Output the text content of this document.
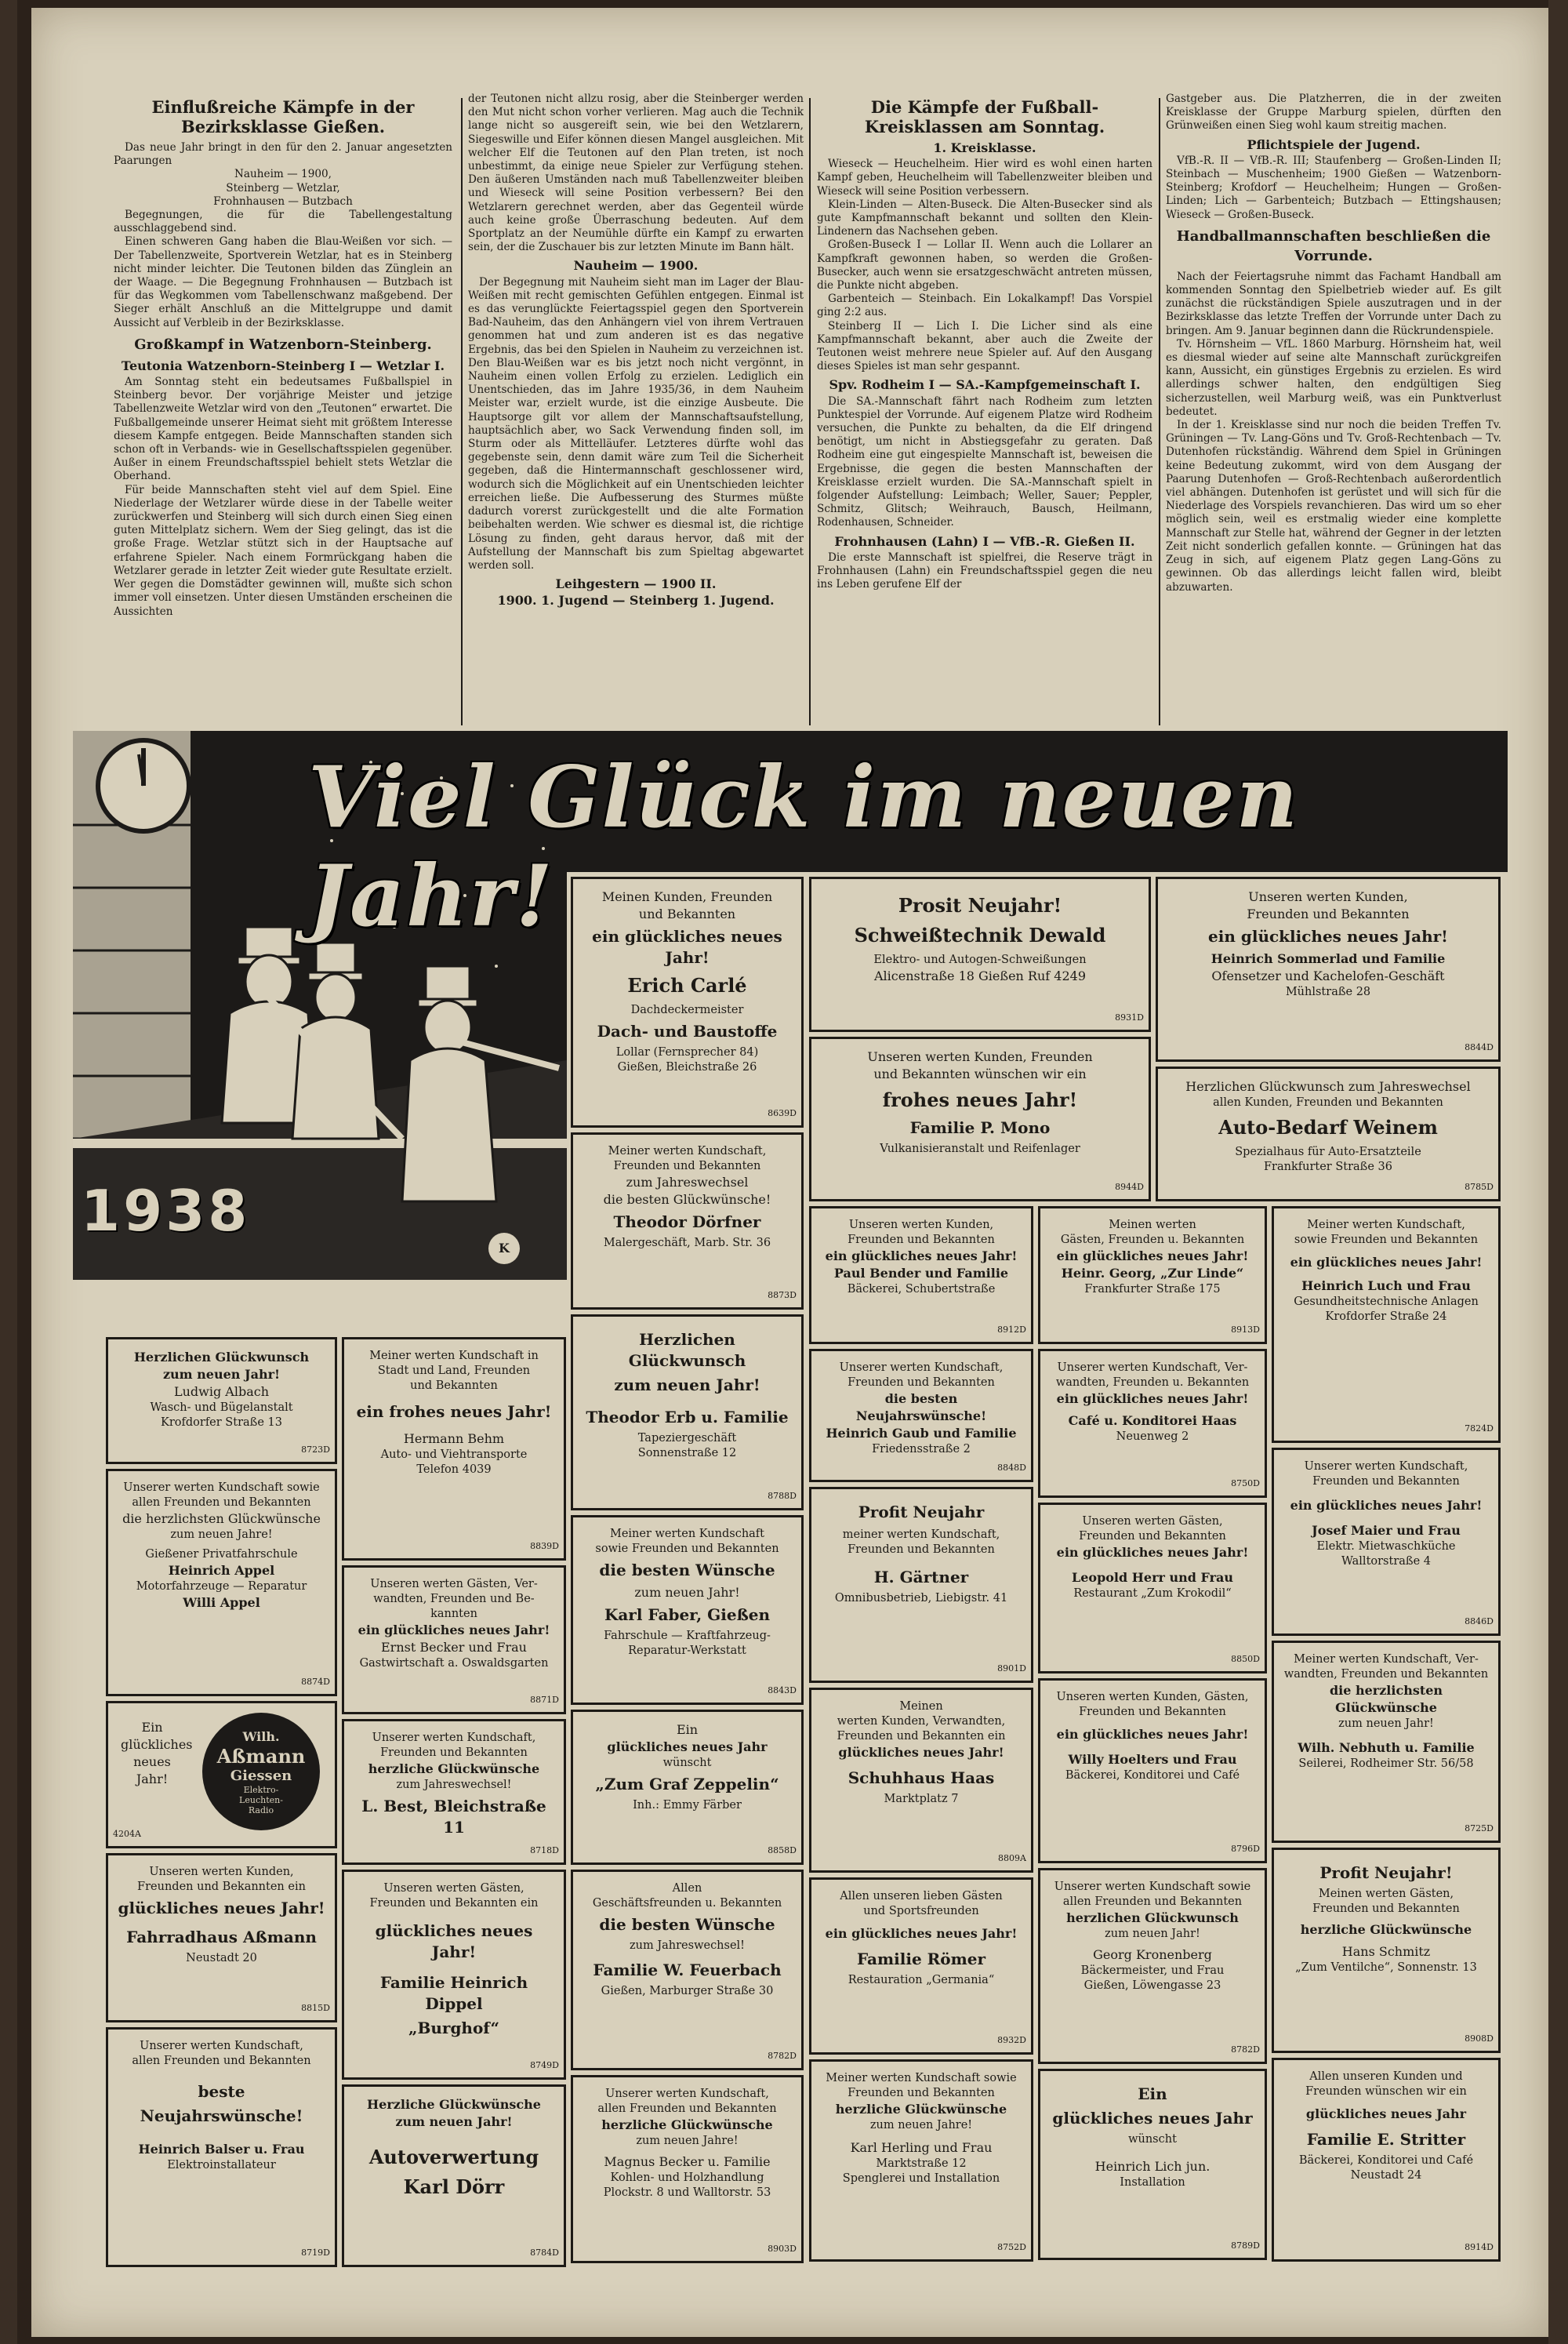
Einflußreiche Kämpfe in der Bezirksklasse Gießen.

Das neue Jahr bringt in den für den 2. Januar angesetzten Paarungen

Nauheim — 1900,

Steinberg — Wetzlar,

Frohnhausen — Butzbach

Begegnungen, die für die Tabellengestaltung ausschlaggebend sind.

Einen schweren Gang haben die Blau-Weißen vor sich. — Der Tabellenzweite, Sportverein Wetzlar, hat es in Steinberg nicht minder leichter. Die Teutonen bilden das Zünglein an der Waage. — Die Begegnung Frohnhausen — Butzbach ist für das Wegkommen vom Tabellenschwanz maßgebend. Der Sieger erhält Anschluß an die Mittelgruppe und damit Aussicht auf Verbleib in der Bezirksklasse.

Großkampf in Watzenborn-Steinberg.
Teutonia Watzenborn-Steinberg I — Wetzlar I.

Am Sonntag steht ein bedeutsames Fußballspiel in Steinberg bevor. Der vorjährige Meister und jetzige Tabellenzweite Wetzlar wird von den „Teutonen“ erwartet. Die Fußballgemeinde unserer Heimat sieht mit größtem Interesse diesem Kampfe entgegen. Beide Mannschaften standen sich schon oft in Verbands- wie in Gesellschaftsspielen gegenüber. Außer in einem Freundschaftsspiel behielt stets Wetzlar die Oberhand.

Für beide Mannschaften steht viel auf dem Spiel. Eine Niederlage der Wetzlarer würde diese in der Tabelle weiter zurückwerfen und Steinberg will sich durch einen Sieg einen guten Mittelplatz sichern. Wem der Sieg gelingt, das ist die große Frage. Wetzlar stützt sich in der Hauptsache auf erfahrene Spieler. Nach einem Formrückgang haben die Wetzlarer gerade in letzter Zeit wieder gute Resultate erzielt. Wer gegen die Domstädter gewinnen will, mußte sich schon immer voll einsetzen. Unter diesen Umständen erscheinen die Aussichten

der Teutonen nicht allzu rosig, aber die Steinberger werden den Mut nicht schon vorher verlieren. Mag auch die Technik lange nicht so ausgereift sein, wie bei den Wetzlarern, Siegeswille und Eifer können diesen Mangel ausgleichen. Mit welcher Elf die Teutonen auf den Plan treten, ist noch unbestimmt, da einige neue Spieler zur Verfügung stehen. Den äußeren Umständen nach muß Tabellenzweiter bleiben und Wieseck will seine Position verbessern? Bei den Wetzlarern gerechnet werden, aber das Gegenteil würde auch keine große Überraschung bedeuten. Auf dem Sportplatz an der Neumühle dürfte ein Kampf zu erwarten sein, der die Zuschauer bis zur letzten Minute im Bann hält.

Nauheim — 1900.

Der Begegnung mit Nauheim sieht man im Lager der Blau-Weißen mit recht gemischten Gefühlen entgegen. Einmal ist es das verunglückte Feiertagsspiel gegen den Sportverein Bad-Nauheim, das den Anhängern viel von ihrem Vertrauen genommen hat und zum anderen ist es das negative Ergebnis, das bei den Spielen in Nauheim zu verzeichnen ist. Den Blau-Weißen war es bis jetzt noch nicht vergönnt, in Nauheim einen vollen Erfolg zu erzielen. Lediglich ein Unentschieden, das im Jahre 1935/36, in dem Nauheim Meister war, erzielt wurde, ist die einzige Ausbeute. Die Hauptsorge gilt vor allem der Mannschaftsaufstellung, hauptsächlich aber, wo Sack Verwendung finden soll, im Sturm oder als Mittelläufer. Letzteres dürfte wohl das gegebenste sein, denn damit wäre zum Teil die Sicherheit gegeben, daß die Hintermannschaft geschlossener wird, wodurch sich die Möglichkeit auf ein Unentschieden leichter erreichen ließe. Die Aufbesserung des Sturmes müßte dadurch vorerst zurückgestellt und die alte Formation beibehalten werden. Wie schwer es diesmal ist, die richtige Lösung zu finden, geht daraus hervor, daß mit der Aufstellung der Mannschaft bis zum Spieltag abgewartet werden soll.

Leihgestern — 1900 II.
1900. 1. Jugend — Steinberg 1. Jugend.
Die Kämpfe der Fußball-Kreisklassen am Sonntag.
1. Kreisklasse.

Wieseck — Heuchelheim. Hier wird es wohl einen harten Kampf geben, Heuchelheim will Tabellenzweiter bleiben und Wieseck will seine Position verbessern.

Klein-Linden — Alten-Buseck. Die Alten-Busecker sind als gute Kampfmannschaft bekannt und sollten den Klein-Lindenern das Nachsehen geben.

Großen-Buseck I — Lollar II. Wenn auch die Lollarer an Kampfkraft gewonnen haben, so werden die Großen-Busecker, auch wenn sie ersatzgeschwächt antreten müssen, die Punkte nicht abgeben.

Garbenteich — Steinbach. Ein Lokalkampf! Das Vorspiel ging 2:2 aus.

Steinberg II — Lich I. Die Licher sind als eine Kampfmannschaft bekannt, aber auch die Zweite der Teutonen weist mehrere neue Spieler auf. Auf den Ausgang dieses Spieles ist man sehr gespannt.

Spv. Rodheim I — SA.-Kampfgemeinschaft I.

Die SA.-Mannschaft fährt nach Rodheim zum letzten Punktespiel der Vorrunde. Auf eigenem Platze wird Rodheim versuchen, die Punkte zu behalten, da die Elf dringend benötigt, um nicht in Abstiegsgefahr zu geraten. Daß Rodheim eine gut eingespielte Mannschaft ist, beweisen die Ergebnisse, die gegen die besten Mannschaften der Kreisklasse erzielt wurden. Die SA.-Mannschaft spielt in folgender Aufstellung: Leimbach; Weller, Sauer; Peppler, Schmitz, Glitsch; Weihrauch, Bausch, Heilmann, Rodenhausen, Schneider.

Frohnhausen (Lahn) I — VfB.-R. Gießen II.

Die erste Mannschaft ist spielfrei, die Reserve trägt in Frohnhausen (Lahn) ein Freundschaftsspiel gegen die neu ins Leben gerufene Elf der

Gastgeber aus. Die Platzherren, die in der zweiten Kreisklasse der Gruppe Marburg spielen, dürften den Grünweißen einen Sieg wohl kaum streitig machen.

Pflichtspiele der Jugend.

VfB.-R. II — VfB.-R. III; Staufenberg — Großen-Linden II; Steinbach — Muschenheim; 1900 Gießen — Watzenborn-Steinberg; Krofdorf — Heuchelheim; Hungen — Großen-Linden; Lich — Garbenteich; Butzbach — Ettingshausen; Wieseck — Großen-Buseck.

Handballmannschaften beschließen die Vorrunde.

Nach der Feiertagsruhe nimmt das Fachamt Handball am kommenden Sonntag den Spielbetrieb wieder auf. Es gilt zunächst die rückständigen Spiele auszutragen und in der Bezirksklasse das letzte Treffen der Vorrunde unter Dach zu bringen. Am 9. Januar beginnen dann die Rückrundenspiele.

Tv. Hörnsheim — VfL. 1860 Marburg. Hörnsheim hat, weil es diesmal wieder auf seine alte Mannschaft zurückgreifen kann, Aussicht, ein günstiges Ergebnis zu erzielen. Es wird allerdings schwer halten, den endgültigen Sieg sicherzustellen, weil Marburg weiß, was ein Punktverlust bedeutet.

In der 1. Kreisklasse sind nur noch die beiden Treffen Tv. Grüningen — Tv. Lang-Göns und Tv. Groß-Rechtenbach — Tv. Dutenhofen rückständig. Während dem Spiel in Grüningen keine Bedeutung zukommt, wird von dem Ausgang der Paarung Dutenhofen — Groß-Rechtenbach außerordentlich viel abhängen. Dutenhofen ist gerüstet und will sich für die Niederlage des Vorspiels revanchieren. Das wird um so eher möglich sein, weil es erstmalig wieder eine komplette Mannschaft zur Stelle hat, während der Gegner in der letzten Zeit nicht sonderlich gefallen konnte. — Grüningen hat das Zeug in sich, auf eigenem Platz gegen Lang-Göns zu gewinnen. Ob das allerdings leicht fallen wird, bleibt abzuwarten.

1938
K
Viel Glück im neuen Jahr!	Meinen Kunden, Freunden
und Bekannten
ein glückliches neues Jahr!
Erich Carlé
Dachdeckermeister
Dach- und Baustoffe
Lollar (Fernsprecher 84)
Gießen, Bleichstraße 26
8639D
Prosit Neujahr!
Schweißtechnik Dewald
Elektro- und Autogen-Schweißungen
Alicenstraße 18 Gießen Ruf 4249
8931D
Unseren werten Kunden,
Freunden und Bekannten
ein glückliches neues Jahr!
Heinrich Sommerlad und Familie
Ofensetzer und Kachelofen-Geschäft
Mühlstraße 28
8844D
Unseren werten Kunden, Freunden
und Bekannten wünschen wir ein
frohes neues Jahr!
Familie P. Mono
Vulkanisieranstalt und Reifenlager
8944D
Herzlichen Glückwunsch zum Jahreswechsel
allen Kunden, Freunden und Bekannten
Auto-Bedarf Weinem
Spezialhaus für Auto-Ersatzteile
Frankfurter Straße 36
8785D
Meiner werten Kundschaft,
Freunden und Bekannten
zum Jahreswechsel
die besten Glückwünsche!
Theodor Dörfner
Malergeschäft, Marb. Str. 36
8873D
Unseren werten Kunden,
Freunden und Bekannten
ein glückliches neues Jahr!
Paul Bender und Familie
Bäckerei, Schubertstraße
8912D
Meinen werten
Gästen, Freunden u. Bekannten
ein glückliches neues Jahr!
Heinr. Georg, „Zur Linde“
Frankfurter Straße 175
8913D
Meiner werten Kundschaft,
sowie Freunden und Bekannten
ein glückliches neues Jahr!
Heinrich Luch und Frau
Gesundheitstechnische Anlagen
Krofdorfer Straße 24
7824D
Herzlichen Glückwunsch
zum neuen Jahr!
Ludwig Albach
Wasch- und Bügelanstalt
Krofdorfer Straße 13
8723D
Meiner werten Kundschaft in
Stadt und Land, Freunden
und Bekannten
ein frohes neues Jahr!
Hermann Behm
Auto- und Viehtransporte
Telefon 4039
8839D
Herzlichen Glückwunsch
zum neuen Jahr!
Theodor Erb u. Familie
Tapeziergeschäft
Sonnenstraße 12
8788D
Unserer werten Kundschaft,
Freunden und Bekannten
die besten Neujahrswünsche!
Heinrich Gaub und Familie
Friedensstraße 2
8848D
Unserer werten Kundschaft, Ver-
wandten, Freunden u. Bekannten
ein glückliches neues Jahr!
Café u. Konditorei Haas
Neuenweg 2
8750D
Unserer werten Kundschaft sowie
allen Freunden und Bekannten
die herzlichsten Glückwünsche
zum neuen Jahre!
Gießener Privatfahrschule
Heinrich Appel
Motorfahrzeuge — Reparatur
Willi Appel
8874D
Unseren werten Gästen, Ver-
wandten, Freunden und Be-
kannten
ein glückliches neues Jahr!
Ernst Becker und Frau
Gastwirtschaft a. Oswaldsgarten
8871D
Meiner werten Kundschaft
sowie Freunden und Bekannten
die besten Wünsche
zum neuen Jahr!
Karl Faber, Gießen
Fahrschule — Kraftfahrzeug-
Reparatur-Werkstatt
8843D
Profit Neujahr
meiner werten Kundschaft,
Freunden und Bekannten
H. Gärtner
Omnibusbetrieb, Liebigstr. 41
8901D
Unseren werten Gästen,
Freunden und Bekannten
ein glückliches neues Jahr!
Leopold Herr und Frau
Restaurant „Zum Krokodil“
8850D
Unserer werten Kundschaft,
Freunden und Bekannten
ein glückliches neues Jahr!
Josef Maier und Frau
Elektr. Mietwaschküche
Walltorstraße 4
8846D
Ein
glückliches
neues
Jahr!
Wilh.
Aßmann
Giessen
Elektro-
Leuchten-
Radio
4204A
Unserer werten Kundschaft,
Freunden und Bekannten
herzliche Glückwünsche
zum Jahreswechsel!
L. Best, Bleichstraße 11
8718D
Ein
glückliches neues Jahr
wünscht
„Zum Graf Zeppelin“
Inh.: Emmy Färber
8858D
Meinen
werten Kunden, Verwandten,
Freunden und Bekannten ein
glückliches neues Jahr!
Schuhhaus Haas
Marktplatz 7
8809A
Unseren werten Kunden, Gästen,
Freunden und Bekannten
ein glückliches neues Jahr!
Willy Hoelters und Frau
Bäckerei, Konditorei und Café
8796D
Meiner werten Kundschaft, Ver-
wandten, Freunden und Bekannten
die herzlichsten Glückwünsche
zum neuen Jahr!
Wilh. Nebhuth u. Familie
Seilerei, Rodheimer Str. 56/58
8725D
Unseren werten Kunden,
Freunden und Bekannten ein
glückliches neues Jahr!
Fahrradhaus Aßmann
Neustadt 20
8815D
Unseren werten Gästen,
Freunden und Bekannten ein
glückliches neues Jahr!
Familie Heinrich Dippel
„Burghof“
8749D
Allen
Geschäftsfreunden u. Bekannten
die besten Wünsche
zum Jahreswechsel!
Familie W. Feuerbach
Gießen, Marburger Straße 30
8782D
Allen unseren lieben Gästen
und Sportsfreunden
ein glückliches neues Jahr!
Familie Römer
Restauration „Germania“
8932D
Unserer werten Kundschaft sowie
allen Freunden und Bekannten
herzlichen Glückwunsch
zum neuen Jahr!
Georg Kronenberg
Bäckermeister, und Frau
Gießen, Löwengasse 23
8782D
Profit Neujahr!
Meinen werten Gästen,
Freunden und Bekannten
herzliche Glückwünsche
Hans Schmitz
„Zum Ventilche“, Sonnenstr. 13
8908D
Unserer werten Kundschaft,
allen Freunden und Bekannten
beste
Neujahrswünsche!
Heinrich Balser u. Frau
Elektroinstallateur
8719D
Herzliche Glückwünsche
zum neuen Jahr!
Autoverwertung
Karl Dörr
8784D
Unserer werten Kundschaft,
allen Freunden und Bekannten
herzliche Glückwünsche
zum neuen Jahre!
Magnus Becker u. Familie
Kohlen- und Holzhandlung
Plockstr. 8 und Walltorstr. 53
8903D
Meiner werten Kundschaft sowie
Freunden und Bekannten
herzliche Glückwünsche
zum neuen Jahre!
Karl Herling und Frau
Marktstraße 12
Spenglerei und Installation
8752D
Ein
glückliches neues Jahr
wünscht
Heinrich Lich jun.
Installation
8789D
Allen unseren Kunden und
Freunden wünschen wir ein
glückliches neues Jahr
Familie E. Stritter
Bäckerei, Konditorei und Café
Neustadt 24
8914D
